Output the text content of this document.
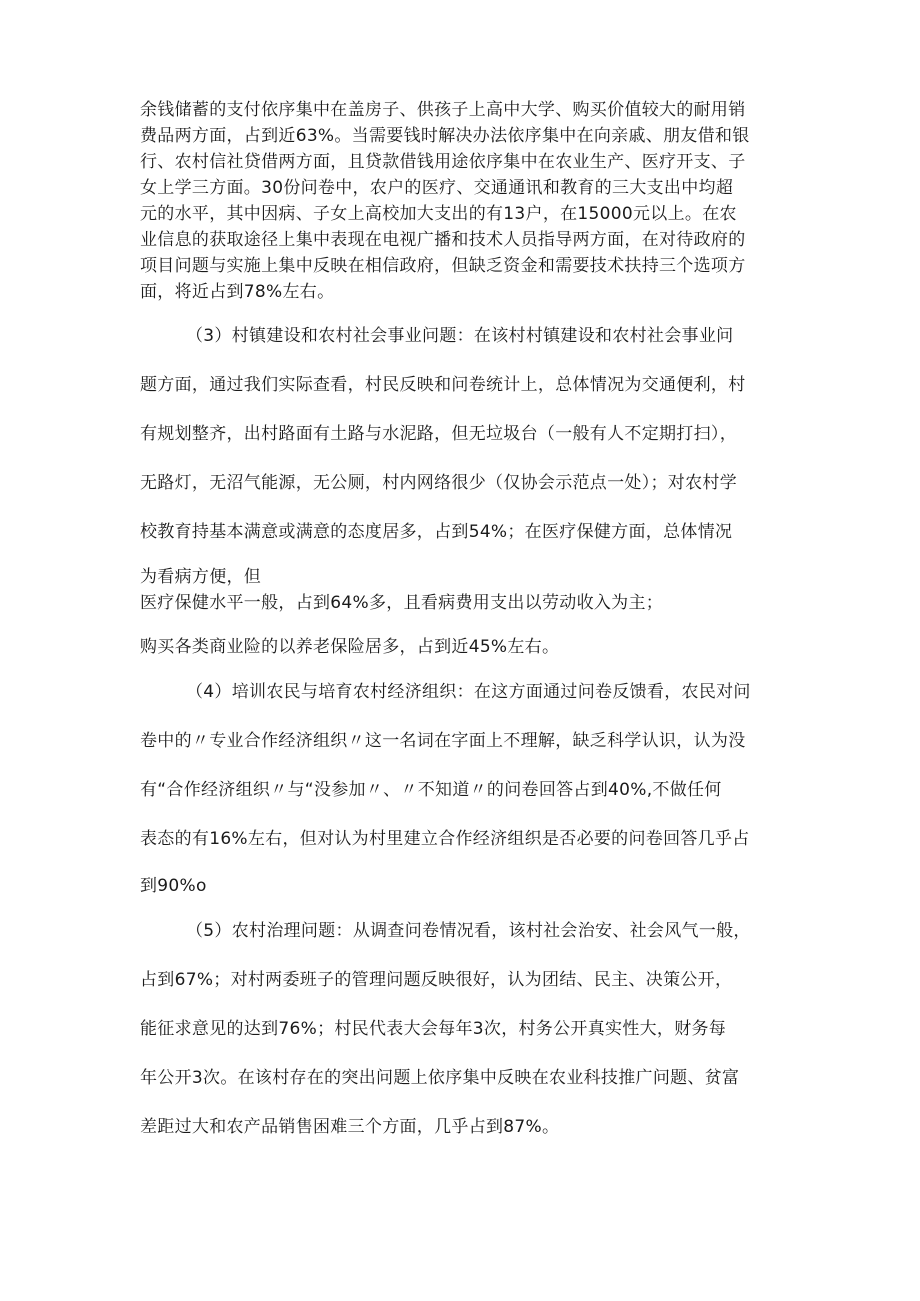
余钱储蓄的支付依序集中在盖房子、供孩子上高中大学、购买价值较大的耐用销
费品两方面，占到近63%。当需要钱时解决办法依序集中在向亲戚、朋友借和银
行、农村信社贷借两方面，且贷款借钱用途依序集中在农业生产、医疗开支、子
女上学三方面。30份问卷中，农户的医疗、交通通讯和教育的三大支出中均超
元的水平，其中因病、子女上高校加大支出的有13户，在15000元以上。在农
业信息的获取途径上集中表现在电视广播和技术人员指导两方面，在对待政府的
项目问题与实施上集中反映在相信政府，但缺乏资金和需要技术扶持三个选项方
面，将近占到78%左右。
（3）村镇建设和农村社会事业问题：在该村村镇建设和农村社会事业问
题方面，通过我们实际查看，村民反映和问卷统计上，总体情况为交通便利，村
有规划整齐，出村路面有土路与水泥路，但无垃圾台（一般有人不定期打扫），
无路灯，无沼气能源，无公厕，村内网络很少（仅协会示范点一处）；对农村学
校教育持基本满意或满意的态度居多，占到54%；在医疗保健方面，总体情况
为看病方便，但
医疗保健水平一般，占到64%多，且看病费用支出以劳动收入为主；
购买各类商业险的以养老保险居多，占到近45%左右。
（4）培训农民与培育农村经济组织：在这方面通过问卷反馈看，农民对问
卷中的〃专业合作经济组织〃这一名词在字面上不理解，缺乏科学认识，认为没
有“合作经济组织〃与“没参加〃、〃不知道〃的问卷回答占到40%,不做任何
表态的有16%左右，但对认为村里建立合作经济组织是否必要的问卷回答几乎占
到90%o
（5）农村治理问题：从调查问卷情况看，该村社会治安、社会风气一般，
占到67%；对村两委班子的管理问题反映很好，认为团结、民主、决策公开，
能征求意见的达到76%；村民代表大会每年3次，村务公开真实性大，财务每
年公开3次。在该村存在的突出问题上依序集中反映在农业科技推广问题、贫富
差距过大和农产品销售困难三个方面，几乎占到87%。
